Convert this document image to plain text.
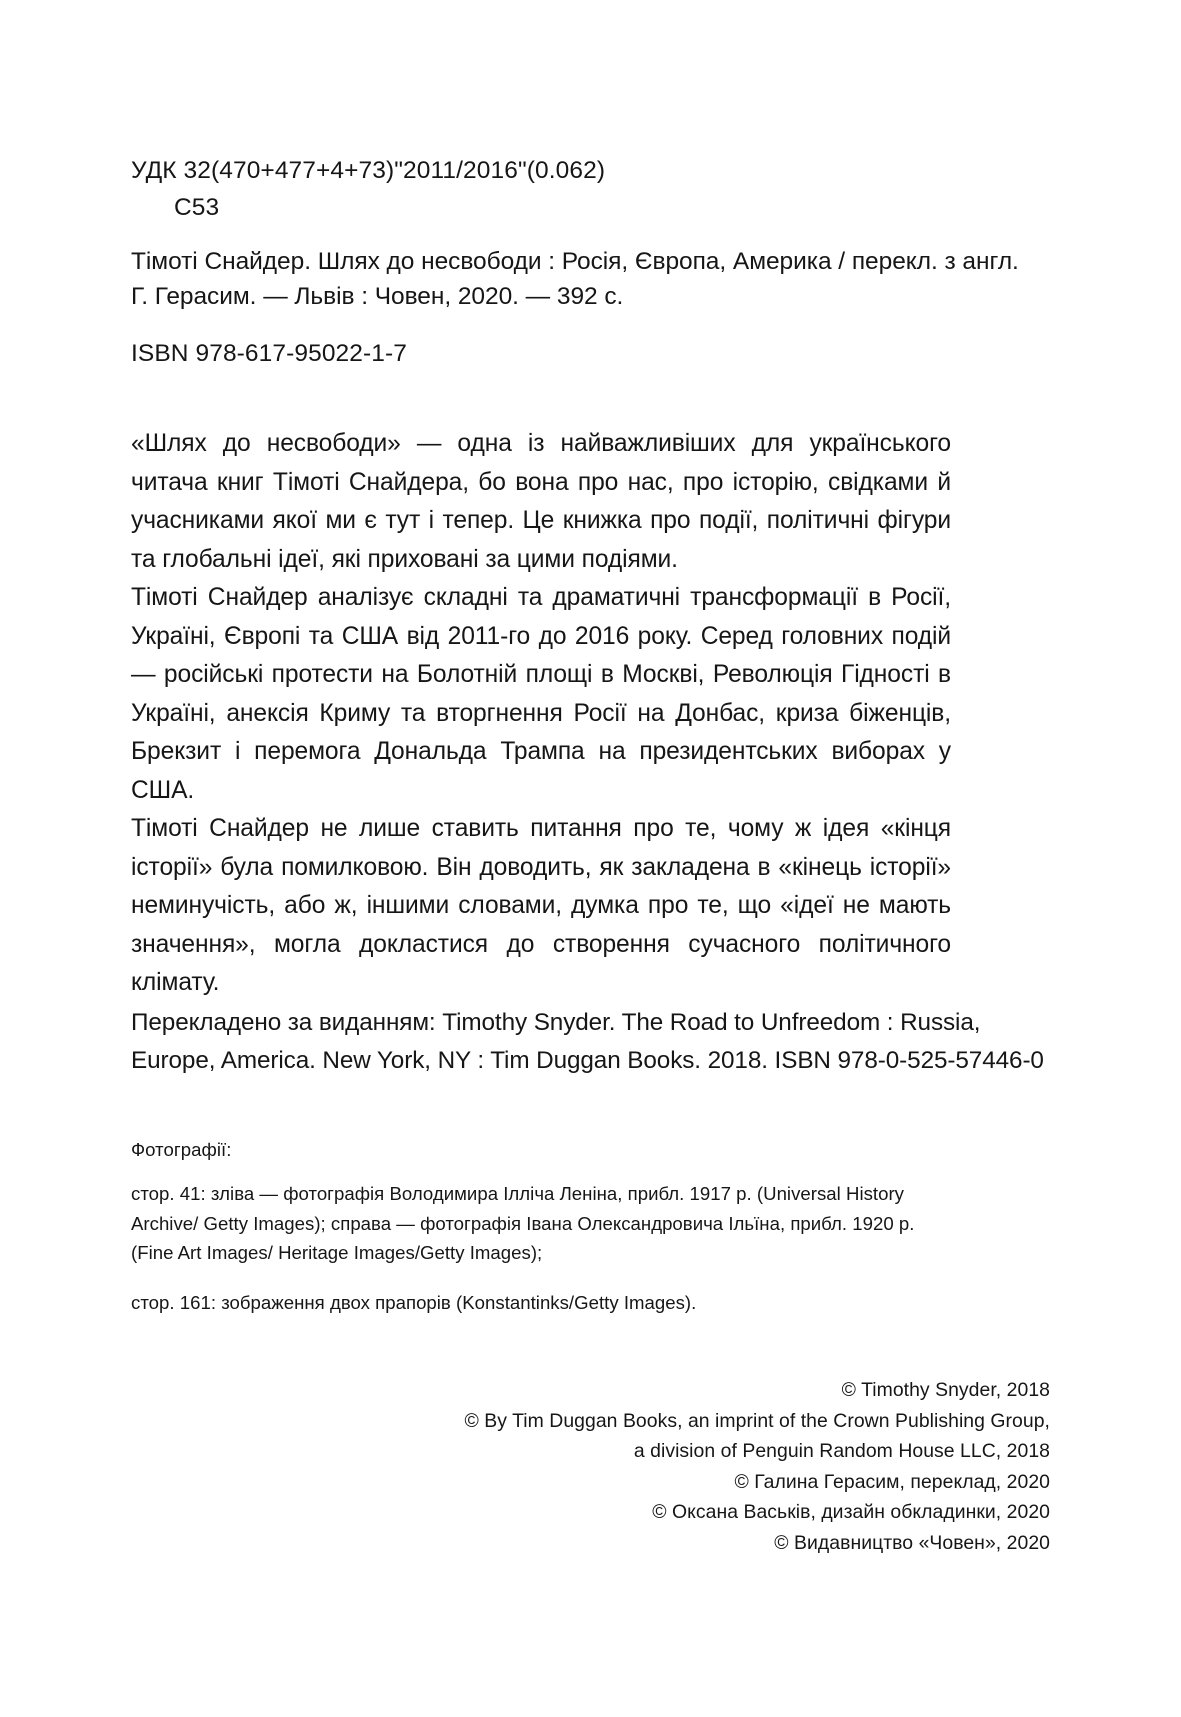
УДК 32(470+477+4+73)"2011/2016"(0.062)
С53
Тімоті Снайдер. Шлях до несвободи : Росія, Європа, Америка / перекл. з англ.
Г. Герасим. — Львів : Човен, 2020. — 392 с.
ISBN 978-617-95022-1-7

«Шлях до несвободи» — одна із найважливіших для українського читача книг Тімоті Снайдера, бо вона про нас, про історію, свідками й учасниками якої ми є тут і тепер. Це книжка про події, політичні фігури та глобальні ідеї, які приховані за цими подіями.

Тімоті Снайдер аналізує складні та драматичні трансформації в Росії, Україні, Європі та США від 2011-го до 2016 року. Серед головних подій — російські протести на Болотній площі в Москві, Революція Гідності в Україні, анексія Криму та вторгнення Росії на Донбас, криза біженців, Брекзит і перемога Дональда Трампа на президентських виборах у США.

Тімоті Снайдер не лише ставить питання про те, чому ж ідея «кінця історії» була помилковою. Він доводить, як закладена в «кінець історії» неминучість, або ж, іншими словами, думка про те, що «ідеї не мають значення», могла докластися до створення сучасного політичного клімату.

Перекладено за виданням: Timothy Snyder. The Road to Unfreedom : Russia,
Europe, America. New York, NY : Tim Duggan Books. 2018. ISBN 978-0-525-57446-0

Фотографії:

стор. 41: зліва — фотографія Володимира Ілліча Леніна, прибл. 1917 р. (Universal History Archive/ Getty Images); справа — фотографія Івана Олександровича Ільїна, прибл. 1920 р. (Fine Art Images/ Heritage Images/Getty Images);

стор. 161: зображення двох прапорів (Konstantinks/Getty Images).

© Timothy Snyder, 2018
© By Tim Duggan Books, an imprint of the Crown Publishing Group,
a division of Penguin Random House LLC, 2018
© Галина Герасим, переклад, 2020
© Оксана Васьків, дизайн обкладинки, 2020
© Видавництво «Човен», 2020
